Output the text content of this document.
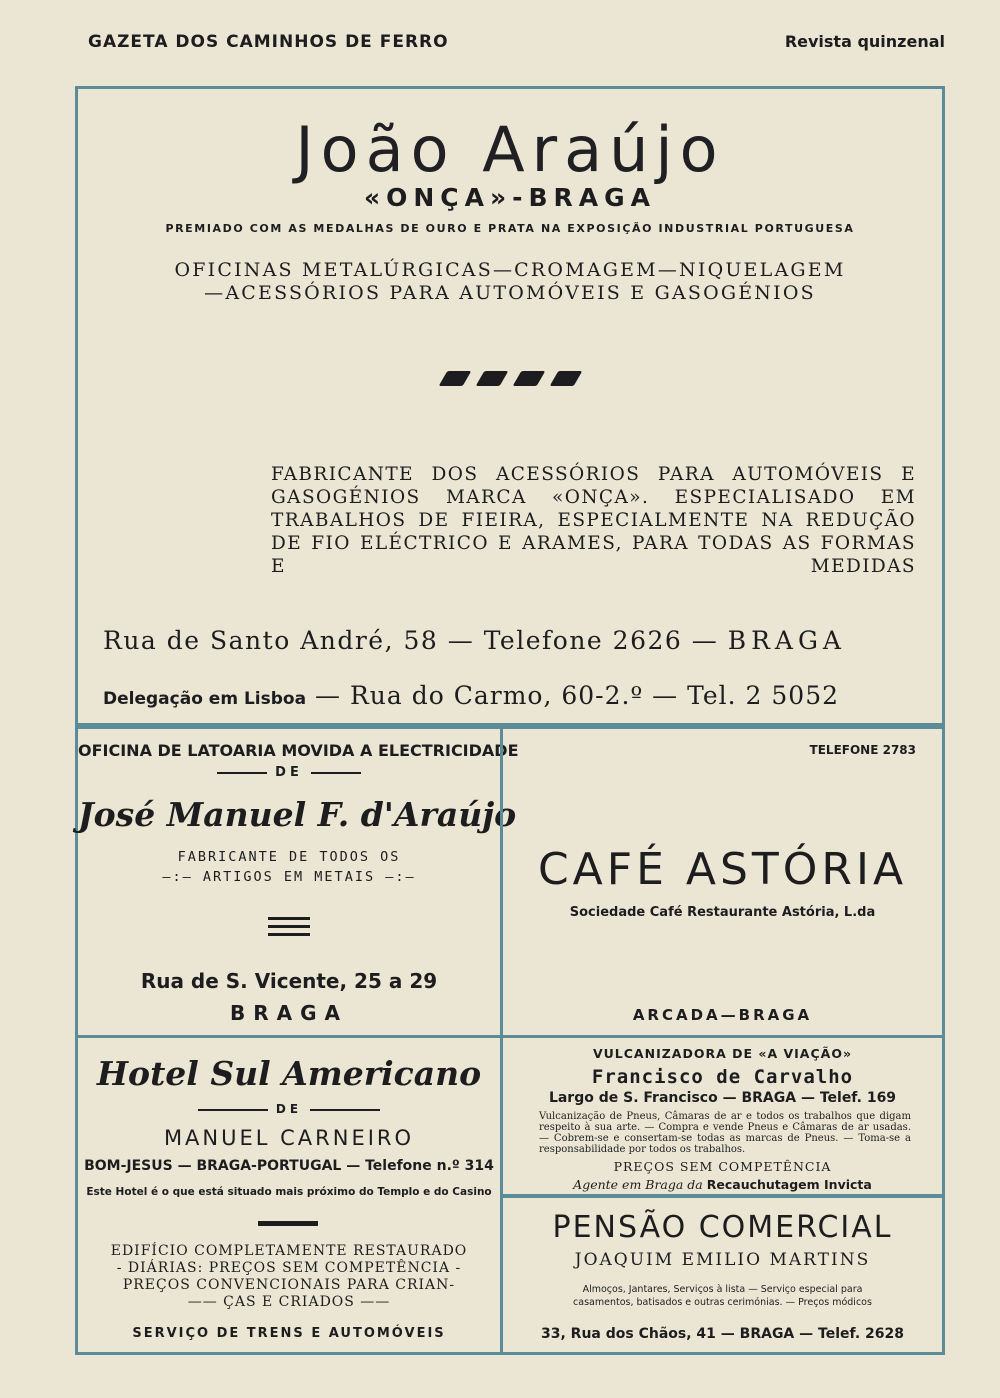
GAZETA DOS CAMINHOS DE FERRO	Revista quinzenal
João Araújo
«ONÇA»-BRAGA
PREMIADO COM AS MEDALHAS DE OURO E PRATA NA EXPOSIÇÃO INDUSTRIAL PORTUGUESA
OFICINAS METALÚRGICAS—CROMAGEM—NIQUELAGEM
—ACESSÓRIOS PARA AUTOMÓVEIS E GASOGÉNIOS
FABRICANTE DOS ACESSÓRIOS PARA AUTOMÓVEIS E GASOGÉNIOS MARCA «ONÇA». ESPECIALISADO EM TRABALHOS DE FIEIRA, ESPECIALMENTE NA REDUÇÃO DE FIO ELÉCTRICO E ARAMES, PARA TODAS AS FORMAS E MEDIDAS
Rua de Santo André, 58 — Telefone 2626 — BRAGA
Delegação em Lisboa — Rua do Carmo, 60-2.º — Tel. 2 5052
OFICINA DE LATOARIA MOVIDA A ELECTRICIDADE
DE
José Manuel F. d'Araújo
FABRICANTE DE TODOS OS
—:— ARTIGOS EM METAIS —:—
Rua de S. Vicente, 25 a 29
BRAGA
TELEFONE 2783
CAFÉ ASTÓRIA
Sociedade Café Restaurante Astória, L.da
ARCADA—BRAGA
Hotel Sul Americano
DE
MANUEL CARNEIRO
BOM-JESUS — BRAGA-PORTUGAL — Telefone n.º 314
Este Hotel é o que está situado mais próximo do Templo e do Casino
EDIFÍCIO COMPLETAMENTE RESTAURADO
- DIÁRIAS: PREÇOS SEM COMPETÊNCIA -
PREÇOS CONVENCIONAIS PARA CRIAN-
—— ÇAS E CRIADOS ——
SERVIÇO DE TRENS E AUTOMÓVEIS
VULCANIZADORA DE «A VIAÇÃO»
Francisco de Carvalho
Largo de S. Francisco — BRAGA — Telef. 169
Vulcanização de Pneus, Câmaras de ar e todos os trabalhos que digam respeito à sua arte. — Compra e vende Pneus e Câmaras de ar usadas. — Cobrem-se e consertam-se todas as marcas de Pneus. — Toma-se a responsabilidade por todos os trabalhos.
PREÇOS SEM COMPETÊNCIA
Agente em Braga da Recauchutagem Invicta
PENSÃO COMERCIAL
JOAQUIM EMILIO MARTINS
Almoços, Jantares, Serviços à lista — Serviço especial para
casamentos, batisados e outras cerimónias. — Preços módicos
33, Rua dos Chãos, 41 — BRAGA — Telef. 2628
